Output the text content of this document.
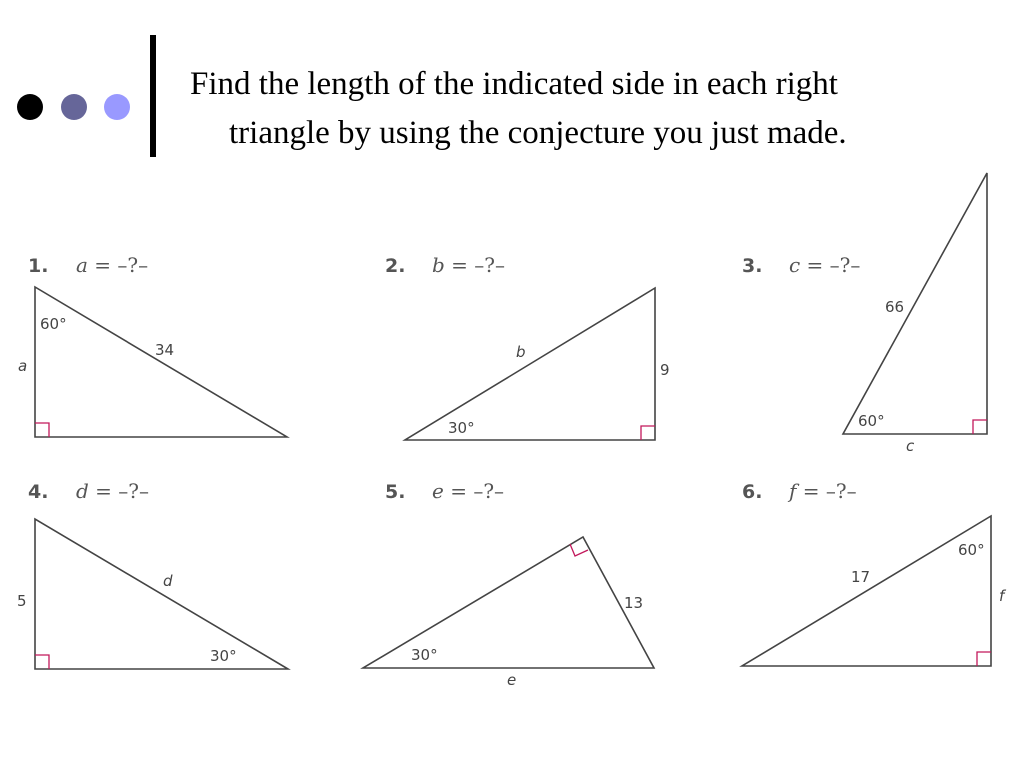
Find the length of the indicated side in each right triangle by using the conjecture you just made.

1. a = –?–
60°
34
a
2. b = –?–
b
9
30°
3. c = –?–
66
60°
c
4. d = –?–
5
d
30°
5. e = –?–
13
30°
e
6. f = –?–
17
60°
f
